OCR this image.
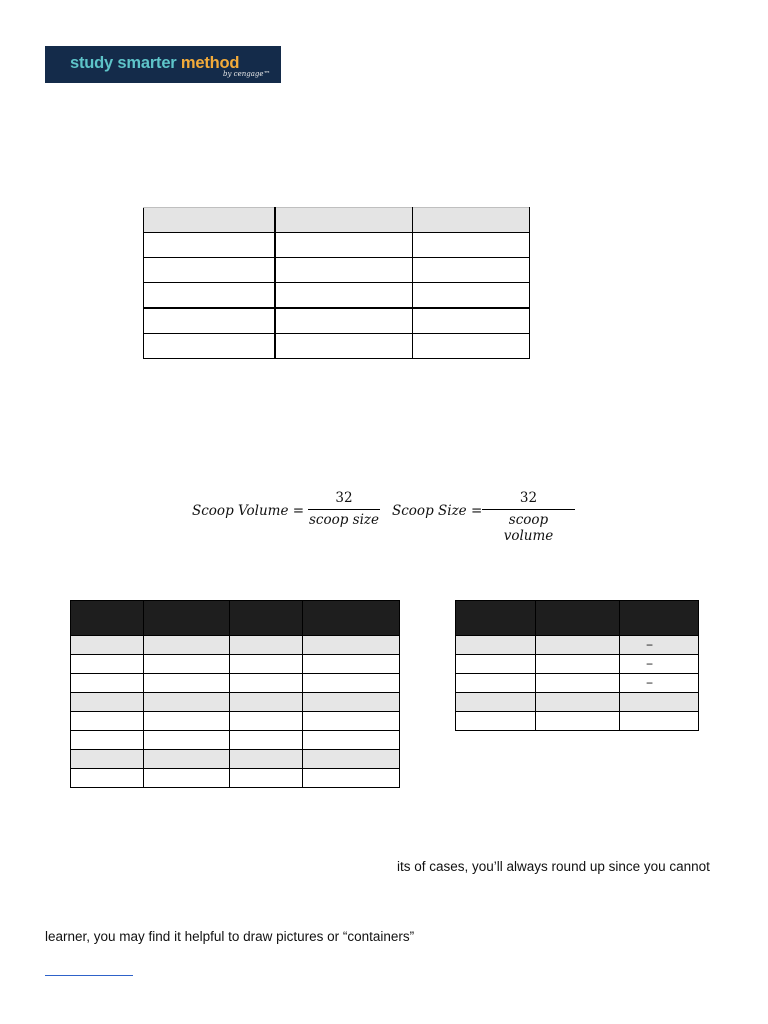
study smarter method
by cengage™

Scoop Volume =
32
scoop size
Scoop Size =
32
scoop volume

		−
		−
		−

its of cases, you’ll always round up since you cannot
learner, you may find it helpful to draw pictures or “containers”
